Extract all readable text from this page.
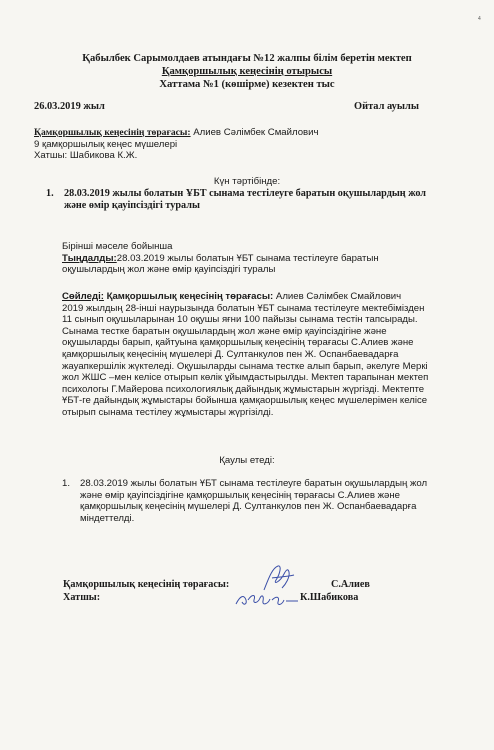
4
Қабылбек Сарымолдаев атындағы №12 жалпы білім беретін мектеп
Қамқоршылық кеңесінің отырысы
Хаттама №1 (көшірме) кезектен тыс
26.03.2019 жыл	Ойтал ауылы
Қамқоршылық кеңесінің төрағасы: Алиев Сәлімбек Смайлович
9 қамқоршылық кеңес мүшелері
Хатшы: Шабикова К.Ж.
Күн тәртібінде:
1. 28.03.2019 жылы болатын ҰБТ сынама тестілеуге баратын оқушылардың жол
және өмір қауіпсіздігі туралы
Бірінші мәселе бойынша
Тыңдалды:28.03.2019 жылы болатын ҰБТ сынама тестілеуге баратын
оқушылардың жол және өмір қауіпсіздігі туралы
Сөйледі: Қамқоршылық кеңесінің төрағасы: Алиев Сәлімбек Смайлович
2019 жылдың 28-інші наурызында болатын ҰБТ сынама тестілеуге мектебімізден
11 сынып оқушыларынан 10 оқушы яғни 100 пайызы сынама тестін тапсырады.
Сынама тестке баратын оқушылардың жол және өмір қауіпсіздігіне және
оқушыларды барып, қайтуына қамқоршылық кеңесінің төрағасы С.Алиев және
қамқоршылық кеңесінің мүшелері Д. Султанкулов пен Ж. Оспанбаевадарға
жауапкершілік жүктеледі. Оқушыларды сынама тестке алып барып, әкелуге Меркі
жол ЖШС –мен келісе отырып көлік ұйымдастырылды. Мектеп тарапынан мектеп
психологы Г.Майерова психологиялық дайындық жұмыстарын жүргізді. Мектепте
ҰБТ-ге дайындық жұмыстары бойынша қамқаоршылық кеңес мүшелерімен келісе
отырып сынама тестілеу жұмыстары жүргізілді.
Қаулы етеді:
1. 28.03.2019 жылы болатын ҰБТ сынама тестілеуге баратын оқушылардың жол
және өмір қауіпсіздігіне қамқоршылық кеңесінің төрағасы С.Алиев және
қамқоршылық кеңесінің мүшелері Д. Султанкулов пен Ж. Оспанбаевадарға
міндеттелді.
Қамқоршылық кеңесінің төрағасы:	С.Алиев
Хатшы:	К.Шабикова
